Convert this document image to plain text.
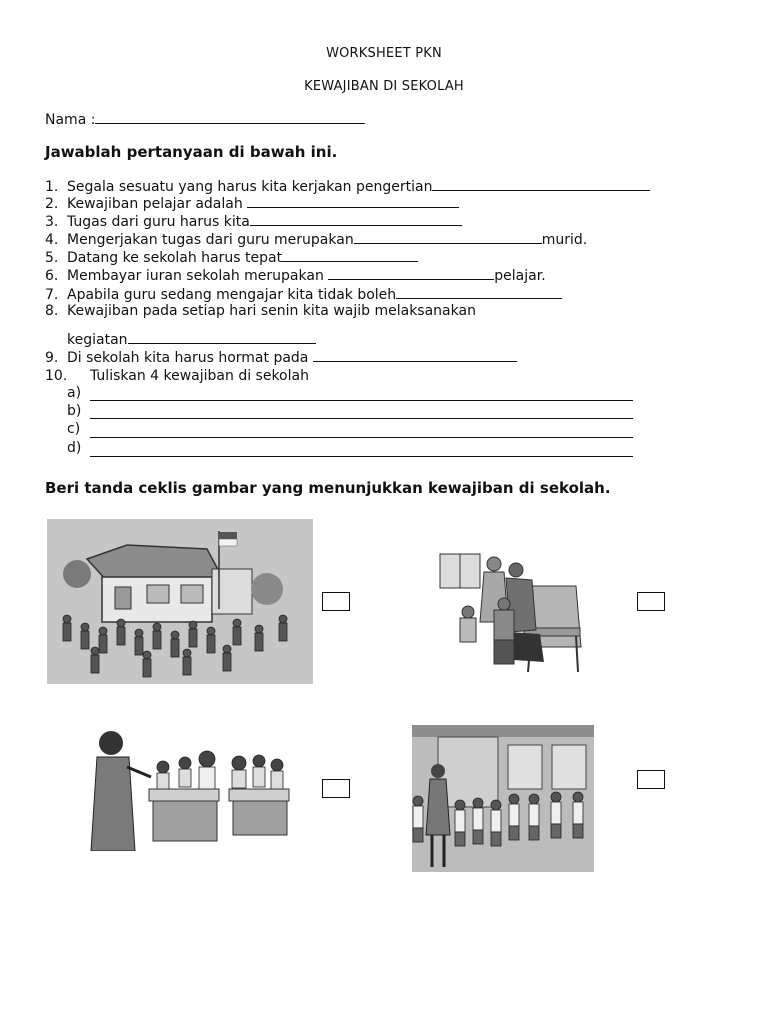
WORKSHEET PKN
KEWAJIBAN DI SEKOLAH
Nama :
Jawablah pertanyaan di bawah ini.
1. Segala sesuatu yang harus kita kerjakan pengertian
2. Kewajiban pelajar adalah
3. Tugas dari guru harus kita
4. Mengerjakan tugas dari guru merupakan	murid.
5. Datang ke sekolah harus tepat
6. Membayar iuran sekolah merupakan	pelajar.
7. Apabila guru sedang mengajar kita tidak boleh
8. Kewajiban pada setiap hari senin kita wajib melaksanakan
kegiatan
9. Di sekolah kita harus hormat pada
10. Tuliskan 4 kewajiban di sekolah
a)
b)
c)
d)
Beri tanda ceklis gambar yang menunjukkan kewajiban di sekolah.
